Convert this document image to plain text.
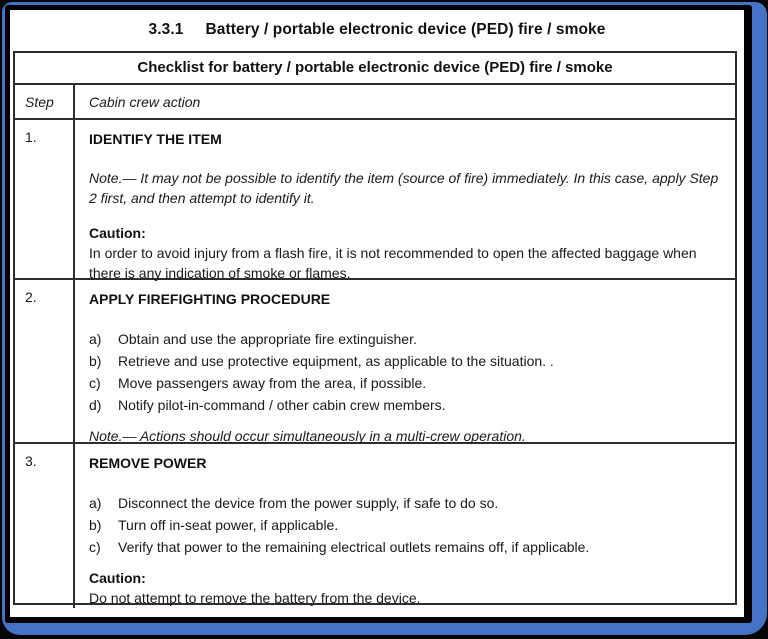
3.3.1 Battery / portable electronic device (PED) fire / smoke
Checklist for battery / portable electronic device (PED) fire / smoke
Step	Cabin crew action
1.	IDENTIFY THE ITEM
Note.— It may not be possible to identify the item (source of fire) immediately. In this case, apply Step 2 first, and then attempt to identify it.
Caution:
In order to avoid injury from a flash fire, it is not recommended to open the affected baggage when there is any indication of smoke or flames.
2.	APPLY FIREFIGHTING PROCEDURE
a)	Obtain and use the appropriate fire extinguisher.
b)	Retrieve and use protective equipment, as applicable to the situation. .
c)	Move passengers away from the area, if possible.
d)	Notify pilot-in-command / other cabin crew members.
Note.— Actions should occur simultaneously in a multi-crew operation.
3.	REMOVE POWER
a)	Disconnect the device from the power supply, if safe to do so.
b)	Turn off in-seat power, if applicable.
c)	Verify that power to the remaining electrical outlets remains off, if applicable.
Caution:
Do not attempt to remove the battery from the device.
